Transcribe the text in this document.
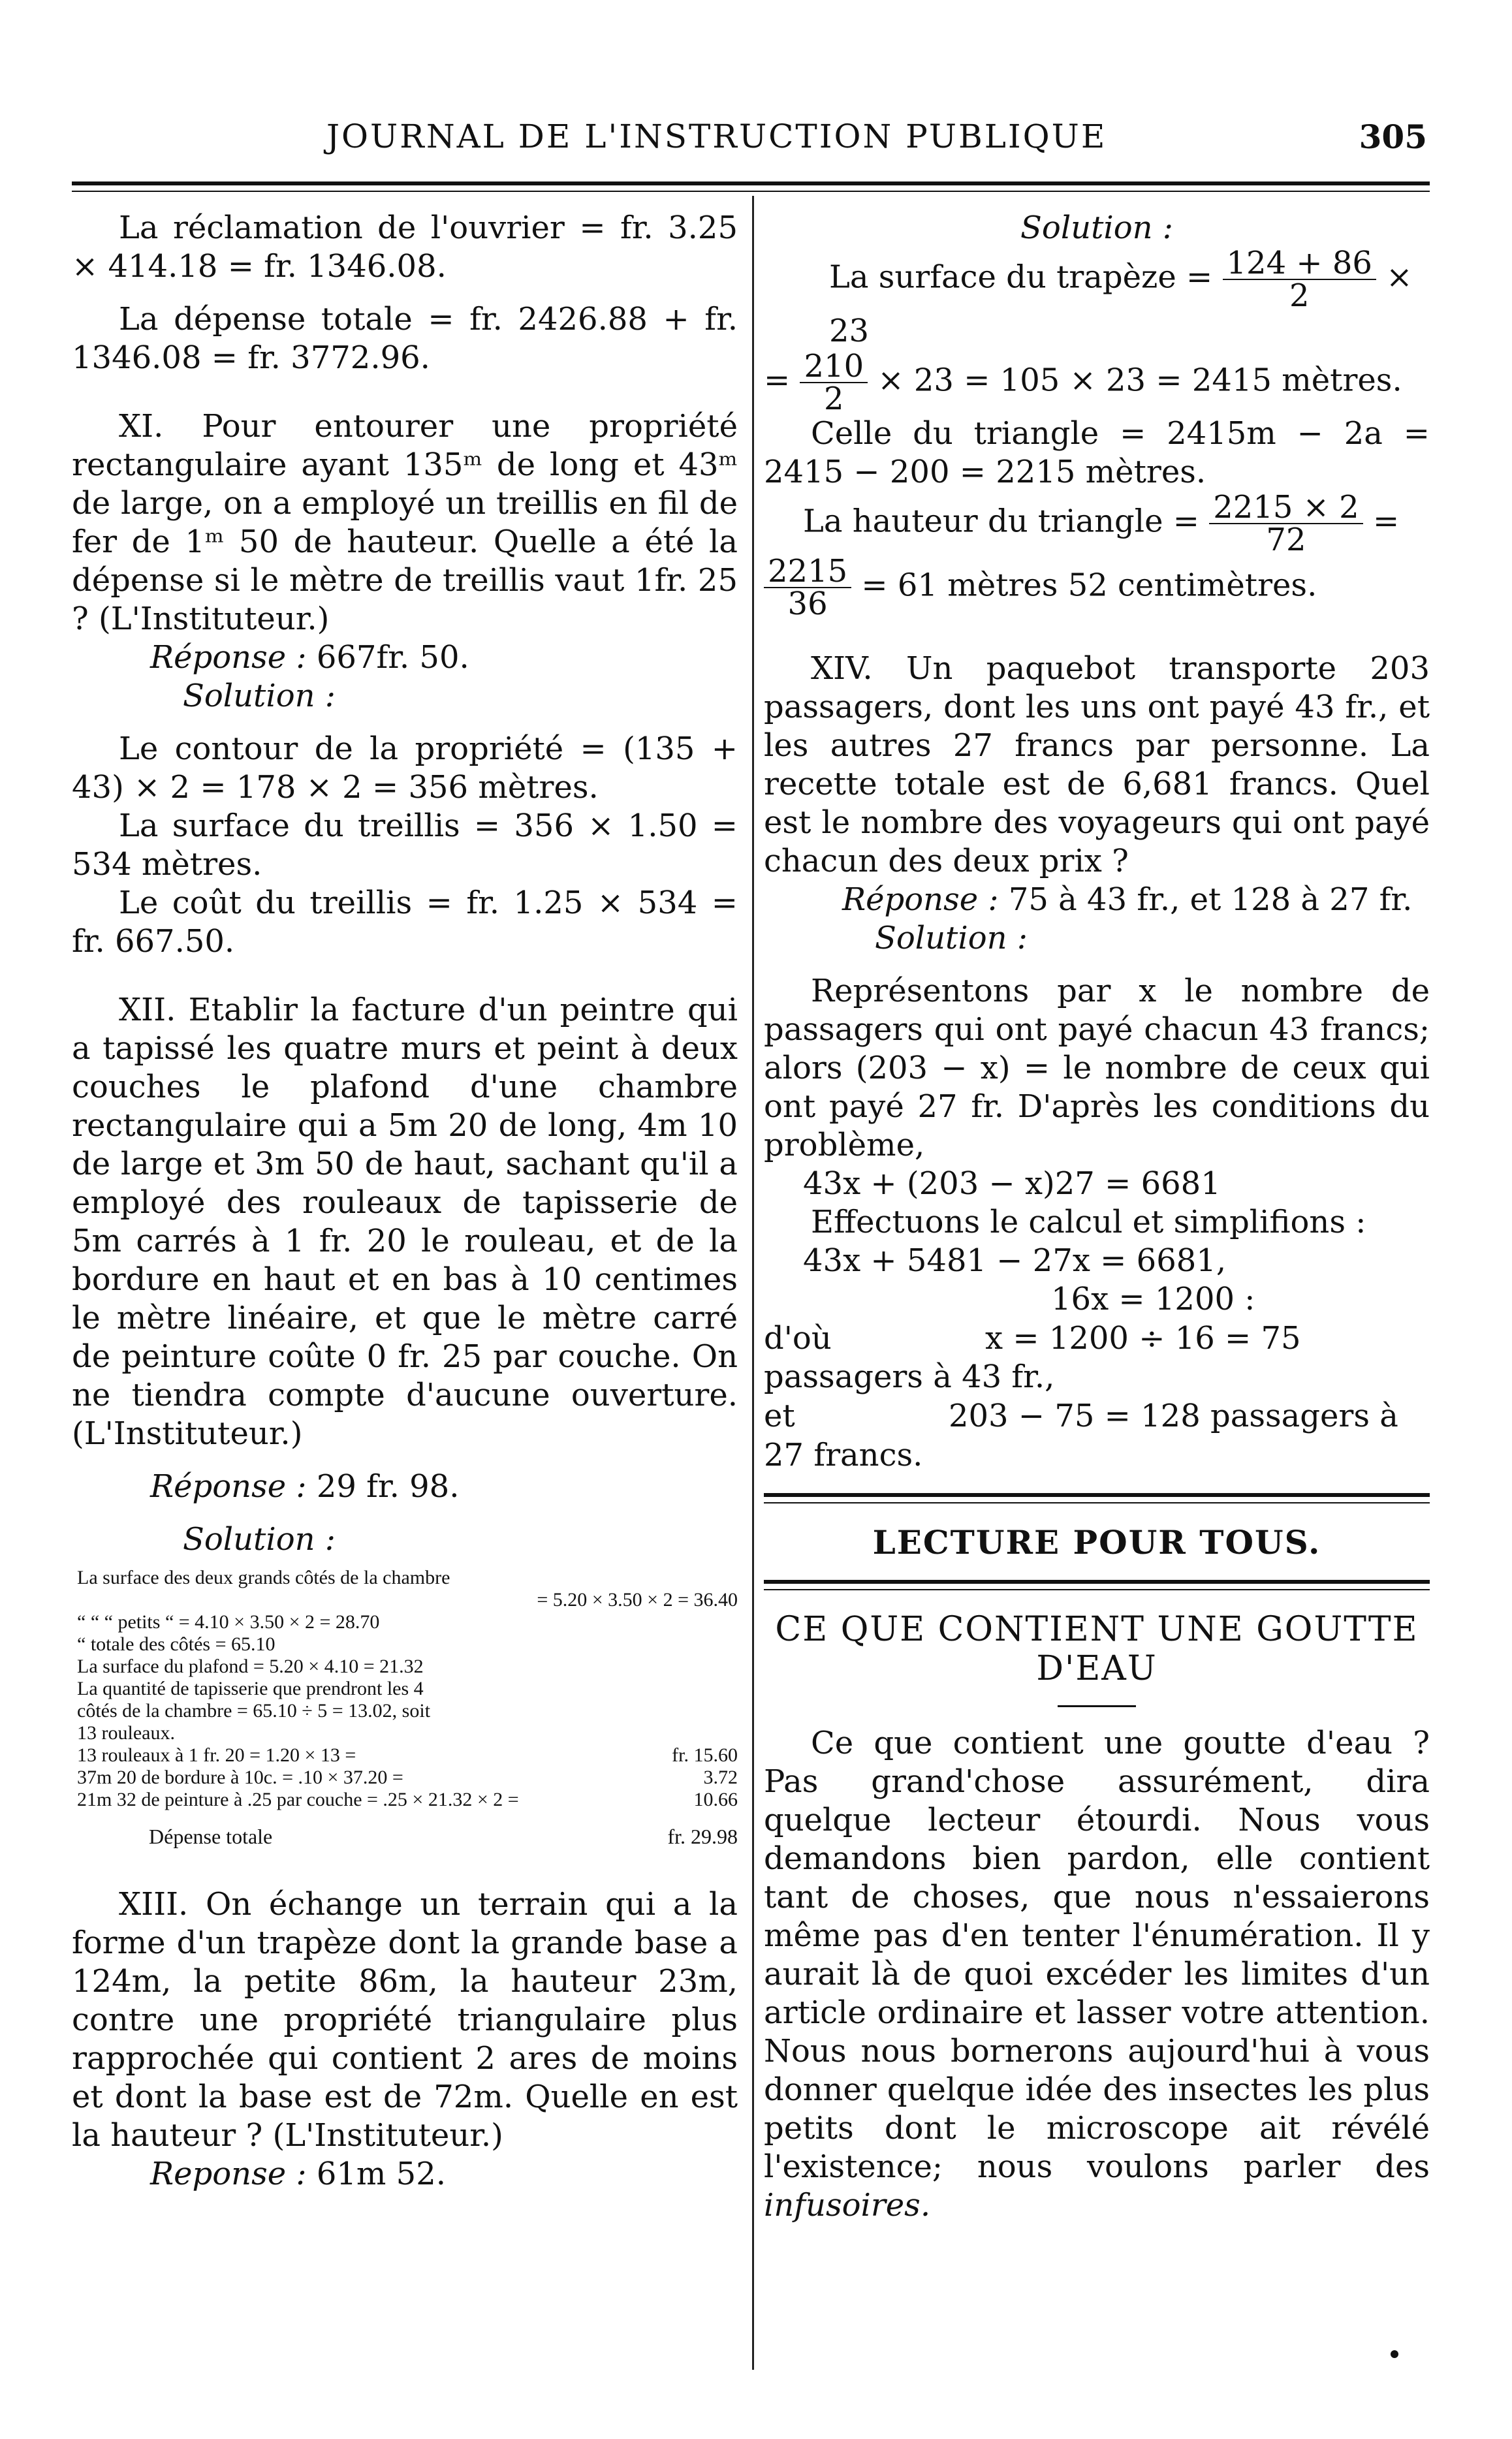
JOURNAL DE L'INSTRUCTION PUBLIQUE	305

La réclamation de l'ouvrier = fr. 3.25 × 414.18 = fr. 1346.08.

La dépense totale = fr. 2426.88 + fr. 1346.08 = fr. 3772.96.

XI. Pour entourer une propriété rectangulaire ayant 135ᵐ de long et 43ᵐ de large, on a employé un treillis en fil de fer de 1ᵐ 50 de hauteur. Quelle a été la dépense si le mètre de treillis vaut 1fr. 25 ? (L'Instituteur.)

Réponse : 667fr. 50.

Solution :

Le contour de la propriété = (135 + 43) × 2 = 178 × 2 = 356 mètres.

La surface du treillis = 356 × 1.50 = 534 mètres.

Le coût du treillis = fr. 1.25 × 534 = fr. 667.50.

XII. Etablir la facture d'un peintre qui a tapissé les quatre murs et peint à deux couches le plafond d'une chambre rectangulaire qui a 5m 20 de long, 4m 10 de large et 3m 50 de haut, sachant qu'il a employé des rouleaux de tapisserie de 5m carrés à 1 fr. 20 le rouleau, et de la bordure en haut et en bas à 10 centimes le mètre linéaire, et que le mètre carré de peinture coûte 0 fr. 25 par couche. On ne tiendra compte d'aucune ouverture. (L'Instituteur.)

Réponse : 29 fr. 98.

Solution :

La surface des deux grands côtés de la chambre
= 5.20 × 3.50 × 2 = 36.40
“ “ “ petits “ = 4.10 × 3.50 × 2 = 28.70
“ totale des côtés = 65.10
La surface du plafond = 5.20 × 4.10 = 21.32
La quantité de tapisserie que prendront les 4 côtés de la chambre = 65.10 ÷ 5 = 13.02, soit 13 rouleaux.
13 rouleaux à 1 fr. 20 = 1.20 × 13 =	fr. 15.60
37m 20 de bordure à 10c. = .10 × 37.20 =	3.72
21m 32 de peinture à .25 par couche = .25 × 21.32 × 2 =	10.66
Dépense totale	fr. 29.98

XIII. On échange un terrain qui a la forme d'un trapèze dont la grande base a 124m, la petite 86m, la hauteur 23m, contre une propriété triangulaire plus rapprochée qui contient 2 ares de moins et dont la base est de 72m. Quelle en est la hauteur ? (L'Instituteur.)

Reponse : 61m 52.

Solution :

La surface du trapèze = $\frac{124 + 86}{2} \times 23$
= $\frac{210}{2} \times 23 = 105 \times 23 = 2415$ mètres.

Celle du triangle = 2415m − 2a = 2415 − 200 = 2215 mètres.

La hauteur du triangle = $\frac{2215 \times 2}{72}$ =
$\frac{2215}{36} = 61$ mètres 52 centimètres.

XIV. Un paquebot transporte 203 passagers, dont les uns ont payé 43 fr., et les autres 27 francs par personne. La recette totale est de 6,681 francs. Quel est le nombre des voyageurs qui ont payé chacun des deux prix ?

Réponse : 75 à 43 fr., et 128 à 27 fr.

Solution :

Représentons par x le nombre de passagers qui ont payé chacun 43 francs; alors (203 − x) = le nombre de ceux qui ont payé 27 fr. D'après les conditions du problème,

43x + (203 − x)27 = 6681

Effectuons le calcul et simplifions :

43x + 5481 − 27x = 6681,
16x = 1200 :
d'où	x = 1200 ÷ 16 = 75

passagers à 43 fr.,

et	203 − 75 = 128 passagers à 27 francs.
LECTURE POUR TOUS.
CE QUE CONTIENT UNE GOUTTE D'EAU

Ce que contient une goutte d'eau ? Pas grand'chose assurément, dira quelque lecteur étourdi. Nous vous demandons bien pardon, elle contient tant de choses, que nous n'essaierons même pas d'en tenter l'énumération. Il y aurait là de quoi excéder les limites d'un article ordinaire et lasser votre attention. Nous nous bornerons aujourd'hui à vous donner quelque idée des insectes les plus petits dont le microscope ait révélé l'existence; nous voulons parler des infusoires.
